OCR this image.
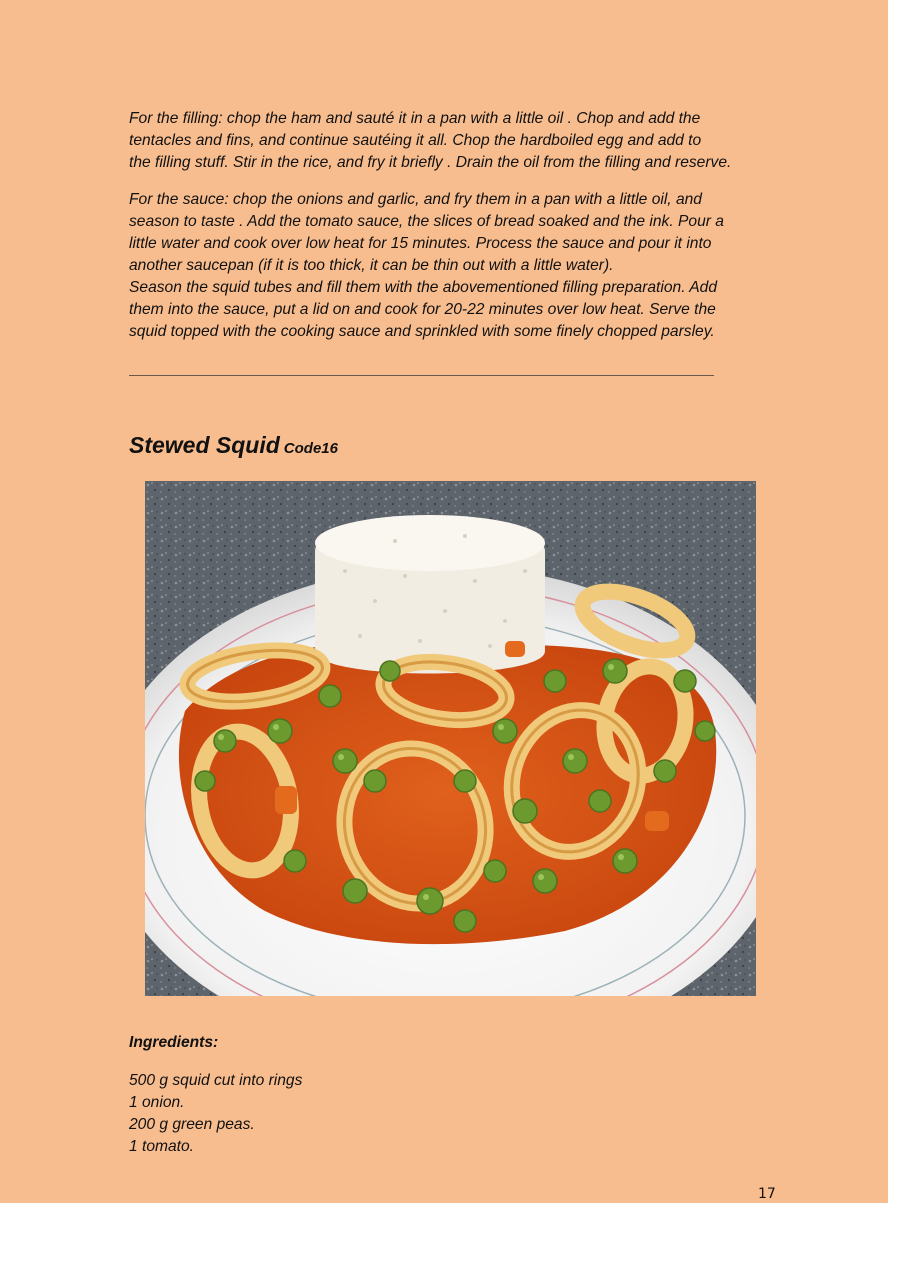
For the filling: chop the ham and sauté it in a pan with a little oil . Chop and add the
tentacles and fins, and continue sautéing it all. Chop the hardboiled egg and add to
the filling stuff. Stir in the rice, and fry it briefly . Drain the oil from the filling and reserve.

For the sauce: chop the onions and garlic, and fry them in a pan with a little oil, and
season to taste . Add the tomato sauce, the slices of bread soaked and the ink. Pour a
little water and cook over low heat for 15 minutes. Process the sauce and pour it into
another saucepan (if it is too thick, it can be thin out with a little water).
Season the squid tubes and fill them with the abovementioned filling preparation. Add
them into the sauce, put a lid on and cook for 20-22 minutes over low heat. Serve the
squid topped with the cooking sauce and sprinkled with some finely chopped parsley.

Stewed Squid Code16

Ingredients:

500 g squid cut into rings
1 onion.
200 g green peas.
1 tomato.
17
